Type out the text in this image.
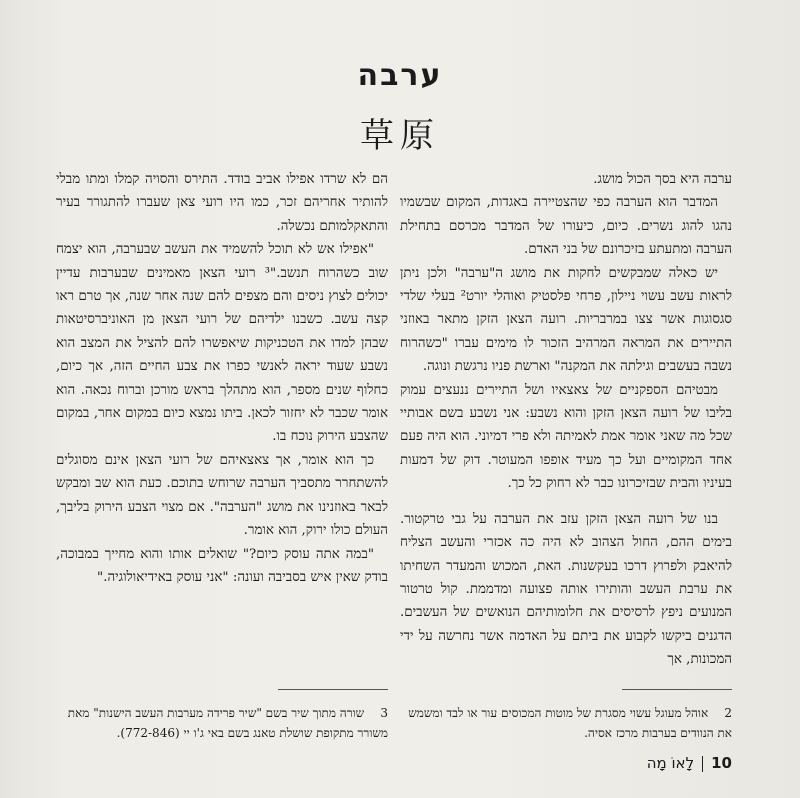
ערבה
草原

ערבה היא בסך הכול מושג.

המדבר הוא הערבה כפי שהצטיירה באגדות, המקום שבשמיו נהגו להוג נשרים. כיום, כיעורו של המדבר מכרסם בתחילת הערבה ומתעתע בזיכרונם של בני האדם.

יש כאלה שמבקשים לחקות את מושג ה"ערבה" ולכן ניתן לראות עשב עשוי ניילון, פרחי פלסטיק ואוהלי יורט² בעלי שלדי סגסוגות אשר צצו במרבריות. רועה הצאן הזקן מתאר באוזני התיירים את המראה המרהיב הזכור לו מימים עברו "כשהרוח נשבה בעשבים וגילתה את המקנה" וארשת פניו נרגשת ונוגה.

מבטיהם הספקניים של צאצאיו ושל התיירים ננעצים עמוק בליבו של רועה הצאן הזקן והוא נשבע: אני נשבע בשם אבותיי שכל מה שאני אומר אמת לאמיתה ולא פרי דמיוני. הוא היה פעם אחד המקומיים ועל כך מעיד אופפו המעוטר. דוק של דמעות בעיניו והבית שבזיכרונו כבר לא רחוק כל כך.

בנו של רועה הצאן הזקן עזב את הערבה על גבי טרקטור. בימים ההם, החול הצהוב לא היה כה אכזרי והעשב הצליח להיאבק ולפרוץ דרכו בעקשנות. האת, המכוש והמעדר השחיתו את ערבת העשב והותירו אותה פצועה ומדממת. קול טרטור המנועים ניפץ לרסיסים את חלומותיהם הנואשים של העשבים. הדגנים ביקשו לקבוע את ביתם על האדמה אשר נחרשה על ידי המכונות, אך

הם לא שרדו אפילו אביב בודד. התירס והסויה קמלו ומתו מבלי להותיר אחריהם זכר, כמו היו רועי צאן שעברו להתגורר בעיר והתאקלמותם נכשלה.

"אפילו אש לא תוכל להשמיד את העשב שבערבה, הוא יצמח שוב כשהרוח תנשב."³ רועי הצאן מאמינים שבערבות עדיין יכולים לצוץ ניסים והם מצפים להם שנה אחר שנה, אך טרם ראו קצה עשב. כשבנו ילדיהם של רועי הצאן מן האוניברסיטאות שבהן למדו את הטכניקות שיאפשרו להם להציל את המצב הוא נשבע שעוד יראה לאנשי כפרו את צבע החיים הזה, אך כיום, כחלוף שנים מספר, הוא מתהלך בראש מורכן וברוח נכאה. הוא אומר שכבר לא יחזור לכאן. ביתו נמצא כיום במקום אחר, במקום שהצבע הירוק נוכח בו.

כך הוא אומר, אך צאצאיהם של רועי הצאן אינם מסוגלים להשתחרר מתסביך הערבה שרוחש בתוכם. כעת הוא שב ומבקש לבאר באוזנינו את מושג "הערבה". אם מצוי הצבע הירוק בליבך, העולם כולו ירוק, הוא אומר.

"במה אתה עוסק כיום?" שואלים אותו והוא מחייך במבוכה, בודק שאין איש בסביבה ועונה: "אני עוסק באידיאולוגיה."

2 אוהל מעוגל עשוי מסגרת של מוטות המכוסים עור או לבד ומשמש את הנוודים בערבות מרכז אסיה.
3 שורה מתוך שיר בשם "שיר פרידה מערבות העשב הישנות" מאת משורר מתקופת שושלת טאנג בשם באי ג'ו יי (772-846).
10לָאוֹ מָה
